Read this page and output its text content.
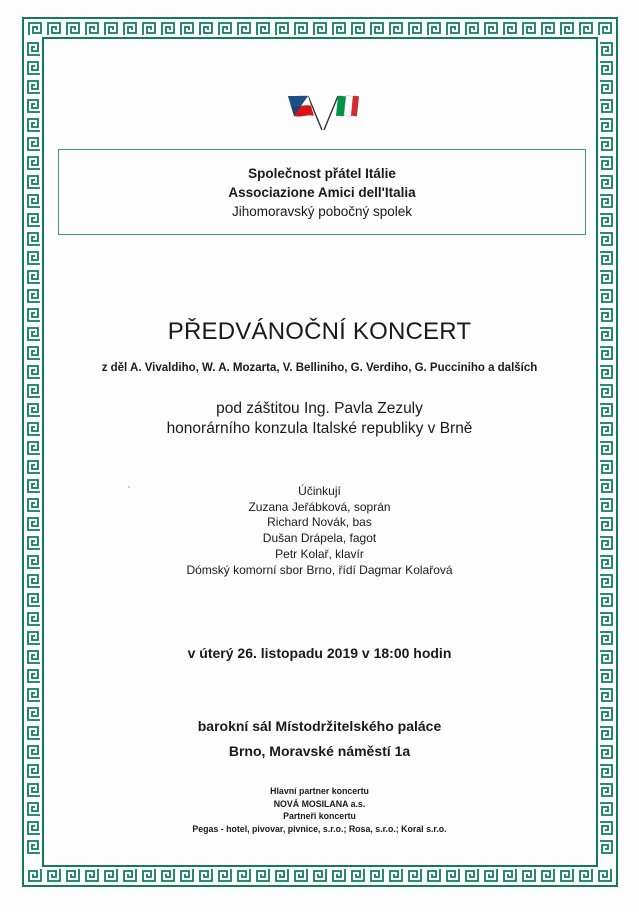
Společnost přátel Itálie
Associazione Amici dell'Italia
Jihomoravský pobočný spolek
PŘEDVÁNOČNÍ KONCERT
z děl A. Vivaldiho, W. A. Mozarta, V. Belliniho, G. Verdiho, G. Pucciniho a dalších
pod záštitou Ing. Pavla Zezuly
honorárního konzula Italské republiky v Brně
Účinkují
Zuzana Jeřábková, soprán
Richard Novák, bas
Dušan Drápela, fagot
Petr Kolař, klavír
Dómský komorní sbor Brno, řídí Dagmar Kolařová
v úterý 26. listopadu 2019 v 18:00 hodin
barokní sál Místodržitelského paláce
Brno, Moravské náměstí 1a
Hlavní partner koncertu
NOVÁ MOSILANA a.s.
Partneři koncertu
Pegas - hotel, pivovar, pivnice, s.r.o.; Rosa, s.r.o.; Koral s.r.o.
